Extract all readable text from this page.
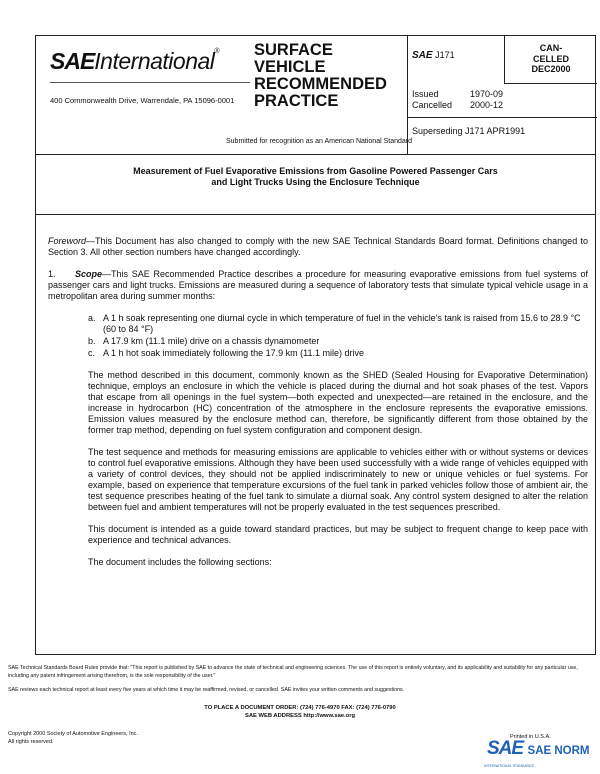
SAEInternational®
400 Commonwealth Drive, Warrendale, PA 15096-0001
SURFACE
VEHICLE
RECOMMENDED
PRACTICE
Submitted for recognition as an American National Standard
SAE J171
CAN-
CELLED
DEC2000
Issued	1970-09
Cancelled 2000-12
Superseding J171 APR1991
Measurement of Fuel Evaporative Emissions from Gasoline Powered Passenger Cars
and Light Trucks Using the Enclosure Technique

Foreword—This Document has also changed to comply with the new SAE Technical Standards Board format. Definitions changed to Section 3. All other section numbers have changed accordingly.

1. Scope—This SAE Recommended Practice describes a procedure for measuring evaporative emissions from fuel systems of passenger cars and light trucks. Emissions are measured during a sequence of laboratory tests that simulate typical vehicle usage in a metropolitan area during summer months:

a. A 1 h soak representing one diurnal cycle in which temperature of fuel in the vehicle's tank is raised from 15.6 to 28.9 °C (60 to 84 °F)
b. A 17.9 km (11.1 mile) drive on a chassis dynamometer
c. A 1 h hot soak immediately following the 17.9 km (11.1 mile) drive

The method described in this document, commonly known as the SHED (Sealed Housing for Evaporative Determination) technique, employs an enclosure in which the vehicle is placed during the diurnal and hot soak phases of the test. Vapors that escape from all openings in the fuel system—both expected and unexpected—are retained in the enclosure, and the increase in hydrocarbon (HC) concentration of the atmosphere in the enclosure represents the evaporative emissions. Emission values measured by the enclosure method can, therefore, be significantly different from those obtained by the former trap method, depending on fuel system configuration and component design.

The test sequence and methods for measuring emissions are applicable to vehicles either with or without systems or devices to control fuel evaporative emissions. Although they have been used successfully with a wide range of vehicles equipped with a variety of control devices, they should not be applied indiscriminately to new or unique vehicles or fuel systems. For example, based on experience that temperature excursions of the fuel tank in parked vehicles follow those of ambient air, the test sequence prescribes heating of the fuel tank to simulate a diurnal soak. Any control system designed to alter the relation between fuel and ambient temperatures will not be properly evaluated in the test sequences prescribed.

This document is intended as a guide toward standard practices, but may be subject to frequent change to keep pace with experience and technical advances.

The document includes the following sections:

SAE Technical Standards Board Rules provide that: "This report is published by SAE to advance the state of technical and engineering sciences. The use of this report is entirely voluntary, and its applicability and suitability for any particular use, including any patent infringement arising therefrom, is the sole responsibility of the user."

SAE reviews each technical report at least every five years at which time it may be reaffirmed, revised, or cancelled. SAE invites your written comments and suggestions.

TO PLACE A DOCUMENT ORDER: (724) 776-4970 FAX: (724) 776-0790
SAE WEB ADDRESS http://www.sae.org
Copyright 2000 Society of Automotive Engineers, Inc.
All rights reserved.
Printed in U.S.A.
SAE SAE NORM
INTERNATIONAL STANDARDS
